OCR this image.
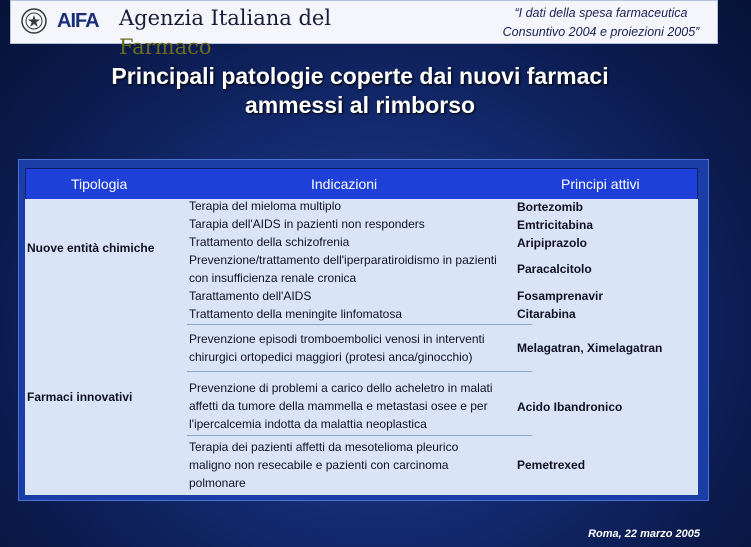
AIFA Agenzia Italiana del
Farmaco
“I dati della spesa farmaceutica
Consuntivo 2004 e proiezioni 2005”
Principali patologie coperte dai nuovi farmaci
ammessi al rimborso
Tipologia	Indicazioni	Principi attivi
Nuove entità chimiche
Terapia del mieloma multiplo
Tarapia dell'AIDS in pazienti non responders
Trattamento della schizofrenia
Prevenzione/trattamento dell'iperparatiroidismo in pazienti
con insufficienza renale cronica
Tarattamento dell'AIDS
Trattamento della meningite linfomatosa
Bortezomib
Emtricitabina
Aripiprazolo
Paracalcitolo
Fosamprenavir
Citarabina
Farmaci innovativi
Prevenzione episodi tromboembolici venosi in interventi
chirurgici ortopedici maggiori (protesi anca/ginocchio)
Melagatran, Ximelagatran
Prevenzione di problemi a carico dello acheletro in malati
affetti da tumore della mammella e metastasi osee e per
l'ipercalcemia indotta da malattia neoplastica
Acido Ibandronico
Terapia dei pazienti affetti da mesotelioma pleurico
maligno non resecabile e pazienti con carcinoma
polmonare
Pemetrexed
Roma, 22 marzo 2005
